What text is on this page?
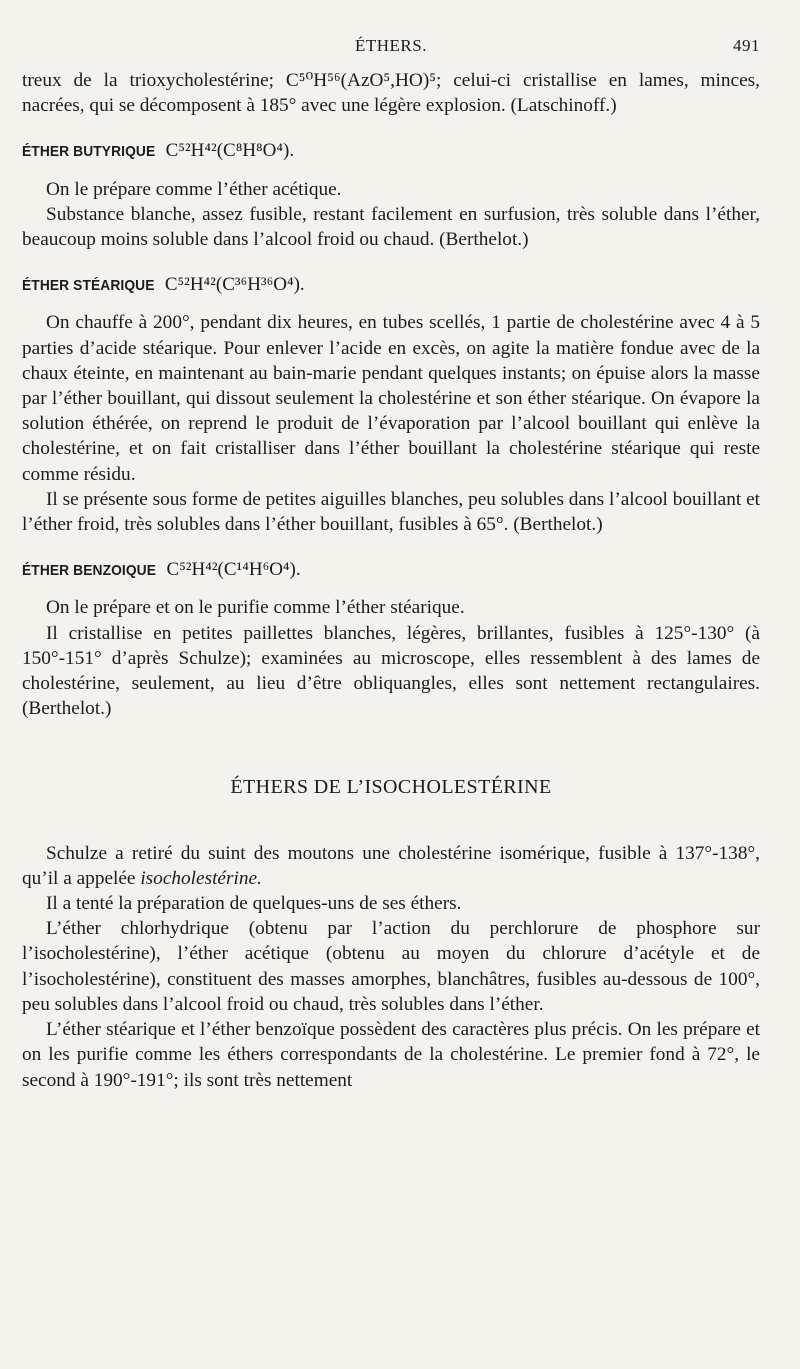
ÉTHERS.	491

treux de la trioxycholestérine; C⁵⁰H⁵⁶(AzO⁵,HO)⁵; celui-ci cristallise en lames, minces, nacrées, qui se décomposent à 185° avec une légère explosion. (Latschinoff.)

ÉTHER BUTYRIQUE C⁵²H⁴²(C⁸H⁸O⁴).

On le prépare comme l’éther acétique.

Substance blanche, assez fusible, restant facilement en surfusion, très soluble dans l’éther, beaucoup moins soluble dans l’alcool froid ou chaud. (Berthelot.)

ÉTHER STÉARIQUE C⁵²H⁴²(C³⁶H³⁶O⁴).

On chauffe à 200°, pendant dix heures, en tubes scellés, 1 partie de cholestérine avec 4 à 5 parties d’acide stéarique. Pour enlever l’acide en excès, on agite la matière fondue avec de la chaux éteinte, en maintenant au bain-marie pendant quelques instants; on épuise alors la masse par l’éther bouillant, qui dissout seulement la cholestérine et son éther stéarique. On évapore la solution éthérée, on reprend le produit de l’évaporation par l’alcool bouillant qui enlève la cholestérine, et on fait cristalliser dans l’éther bouillant la cholestérine stéarique qui reste comme résidu.

Il se présente sous forme de petites aiguilles blanches, peu solubles dans l’alcool bouillant et l’éther froid, très solubles dans l’éther bouillant, fusibles à 65°. (Berthelot.)

ÉTHER BENZOIQUE C⁵²H⁴²(C¹⁴H⁶O⁴).

On le prépare et on le purifie comme l’éther stéarique.

Il cristallise en petites paillettes blanches, légères, brillantes, fusibles à 125°-130° (à 150°-151° d’après Schulze); examinées au microscope, elles ressemblent à des lames de cholestérine, seulement, au lieu d’être obliquangles, elles sont nettement rectangulaires. (Berthelot.)

ÉTHERS DE L’ISOCHOLESTÉRINE

Schulze a retiré du suint des moutons une cholestérine isomérique, fusible à 137°-138°, qu’il a appelée isocholestérine.

Il a tenté la préparation de quelques-uns de ses éthers.

L’éther chlorhydrique (obtenu par l’action du perchlorure de phosphore sur l’isocholestérine), l’éther acétique (obtenu au moyen du chlorure d’acétyle et de l’isocholestérine), constituent des masses amorphes, blanchâtres, fusibles au-dessous de 100°, peu solubles dans l’alcool froid ou chaud, très solubles dans l’éther.

L’éther stéarique et l’éther benzoïque possèdent des caractères plus précis. On les prépare et on les purifie comme les éthers correspondants de la cholestérine. Le premier fond à 72°, le second à 190°-191°; ils sont très nettement
